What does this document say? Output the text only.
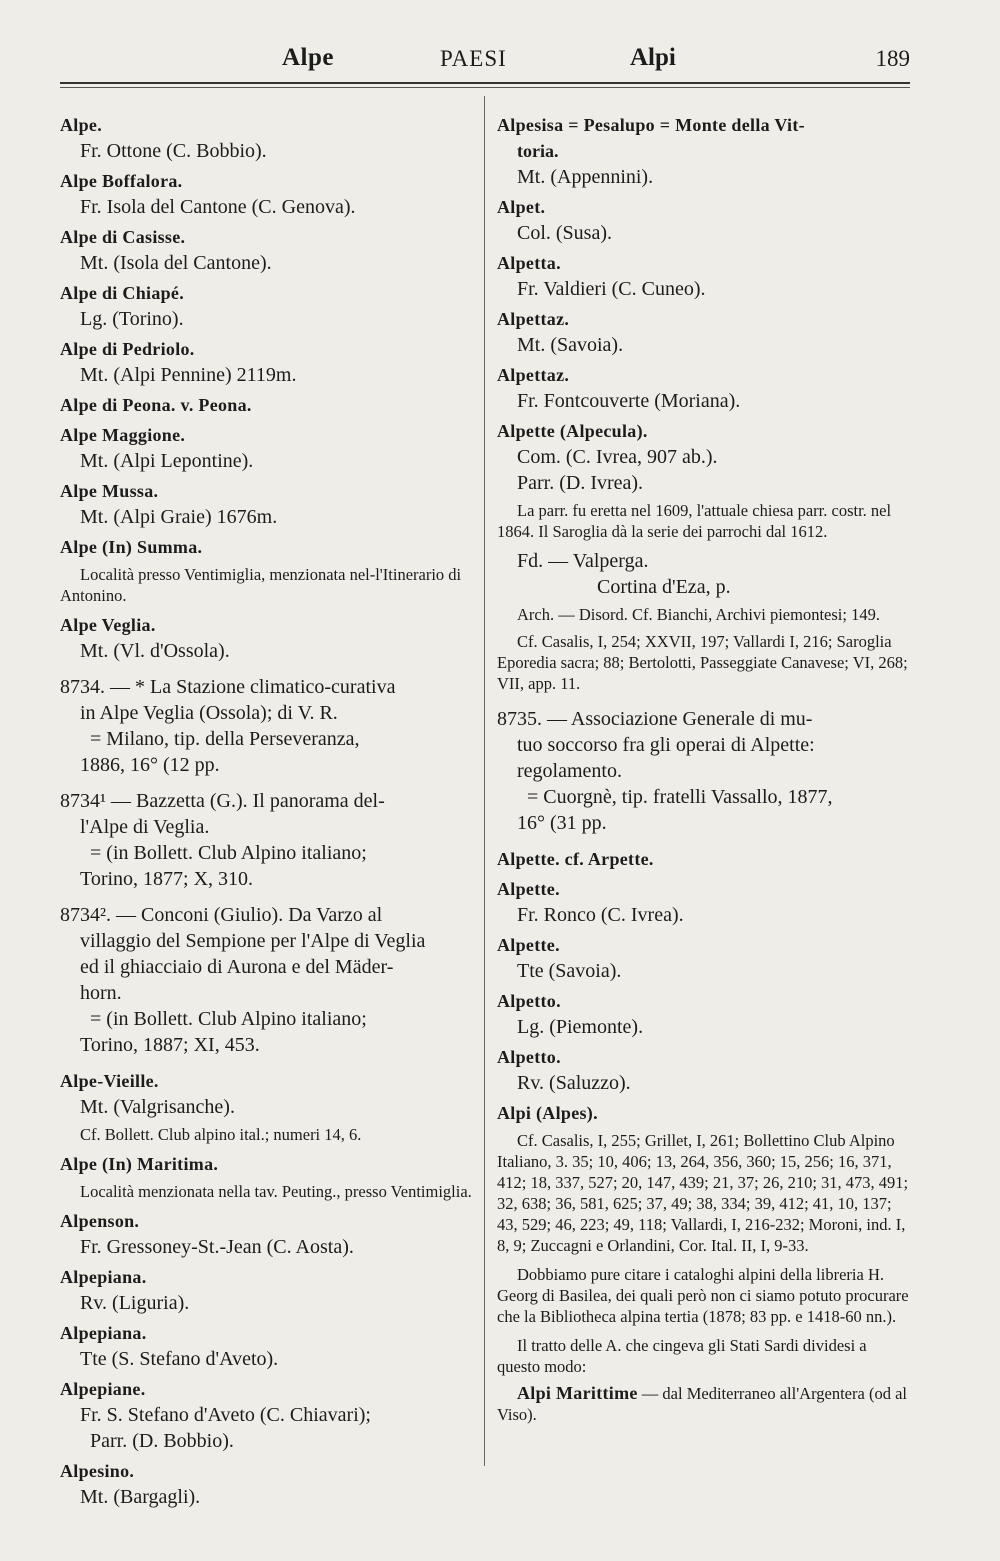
Alpe	PAESI	Alpi	189
Alpe.
Fr. Ottone (C. Bobbio).
Alpe Boffalora.
Fr. Isola del Cantone (C. Genova).
Alpe di Casisse.
Mt. (Isola del Cantone).
Alpe di Chiapé.
Lg. (Torino).
Alpe di Pedriolo.
Mt. (Alpi Pennine) 2119m.
Alpe di Peona. v. Peona.
Alpe Maggione.
Mt. (Alpi Lepontine).
Alpe Mussa.
Mt. (Alpi Graie) 1676m.
Alpe (In) Summa.
Località presso Ventimiglia, menzionata nel-l'Itinerario di Antonino.
Alpe Veglia.
Mt. (Vl. d'Ossola).
8734. — * La Stazione climatico-curativa
in Alpe Veglia (Ossola); di V. R.
= Milano, tip. della Perseveranza,
1886, 16° (12 pp.
8734¹ — Bazzetta (G.). Il panorama del-
l'Alpe di Veglia.
= (in Bollett. Club Alpino italiano;
Torino, 1877; X, 310.
8734². — Conconi (Giulio). Da Varzo al
villaggio del Sempione per l'Alpe di Veglia
ed il ghiacciaio di Aurona e del Mäder-
horn.
= (in Bollett. Club Alpino italiano;
Torino, 1887; XI, 453.
Alpe-Vieille.
Mt. (Valgrisanche).
Cf. Bollett. Club alpino ital.; numeri 14, 6.
Alpe (In) Maritima.
Località menzionata nella tav. Peuting., presso Ventimiglia.
Alpenson.
Fr. Gressoney-St.-Jean (C. Aosta).
Alpepiana.
Rv. (Liguria).
Alpepiana.
Tte (S. Stefano d'Aveto).
Alpepiane.
Fr. S. Stefano d'Aveto (C. Chiavari);
Parr. (D. Bobbio).
Alpesino.
Mt. (Bargagli).
Alpesisa = Pesalupo = Monte della Vit-
toria.
Mt. (Appennini).
Alpet.
Col. (Susa).
Alpetta.
Fr. Valdieri (C. Cuneo).
Alpettaz.
Mt. (Savoia).
Alpettaz.
Fr. Fontcouverte (Moriana).
Alpette (Alpecula).
Com. (C. Ivrea, 907 ab.).
Parr. (D. Ivrea).
La parr. fu eretta nel 1609, l'attuale chiesa parr. costr. nel 1864. Il Saroglia dà la serie dei parrochi dal 1612.
Fd. — Valperga.
Cortina d'Eza, p.
Arch. — Disord. Cf. Bianchi, Archivi piemontesi; 149.
Cf. Casalis, I, 254; XXVII, 197; Vallardi I, 216; Saroglia Eporedia sacra; 88; Bertolotti, Passeggiate Canavese; VI, 268; VII, app. 11.
8735. — Associazione Generale di mu-
tuo soccorso fra gli operai di Alpette:
regolamento.
= Cuorgnè, tip. fratelli Vassallo, 1877,
16° (31 pp.
Alpette. cf. Arpette.
Alpette.
Fr. Ronco (C. Ivrea).
Alpette.
Tte (Savoia).
Alpetto.
Lg. (Piemonte).
Alpetto.
Rv. (Saluzzo).
Alpi (Alpes).
Cf. Casalis, I, 255; Grillet, I, 261; Bollettino Club Alpino Italiano, 3. 35; 10, 406; 13, 264, 356, 360; 15, 256; 16, 371, 412; 18, 337, 527; 20, 147, 439; 21, 37; 26, 210; 31, 473, 491; 32, 638; 36, 581, 625; 37, 49; 38, 334; 39, 412; 41, 10, 137; 43, 529; 46, 223; 49, 118; Vallardi, I, 216-232; Moroni, ind. I, 8, 9; Zuccagni e Orlandini, Cor. Ital. II, I, 9-33.
Dobbiamo pure citare i cataloghi alpini della libreria H. Georg di Basilea, dei quali però non ci siamo potuto procurare che la Bibliotheca alpina tertia (1878; 83 pp. e 1418-60 nn.).
Il tratto delle A. che cingeva gli Stati Sardi dividesi a questo modo:
Alpi Marittime — dal Mediterraneo all'Argentera (od al Viso).
